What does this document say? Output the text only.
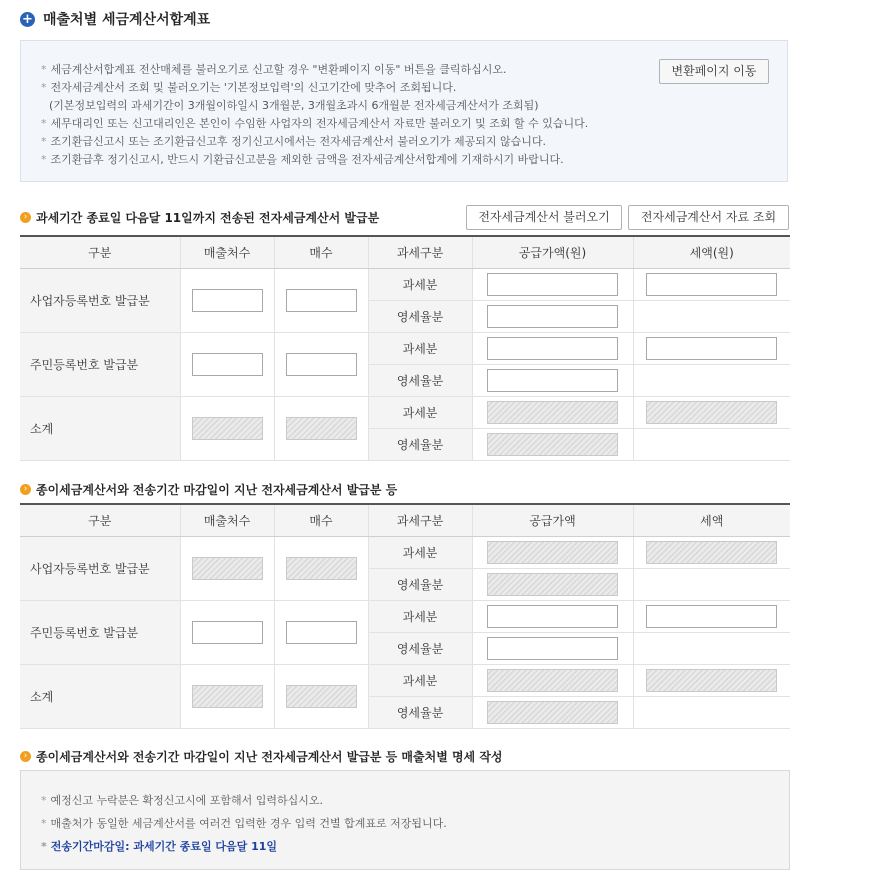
+ 매출처별 세금계산서합계표
* 세금계산서합계표 전산매체를 불러오기로 신고할 경우 "변환페이지 이동" 버튼을 클릭하십시오.
* 전자세금계산서 조회 및 불러오기는 '기본정보입력'의 신고기간에 맞추어 조회됩니다.
(기본정보입력의 과세기간이 3개월이하일시 3개월분, 3개월초과시 6개월분 전자세금계산서가 조회됨)
* 세무대리인 또는 신고대리인은 본인이 수임한 사업자의 전자세금계산서 자료만 불러오기 및 조회 할 수 있습니다.
* 조기환급신고시 또는 조기환급신고후 정기신고시에서는 전자세금계산서 불러오기가 제공되지 않습니다.
* 조기환급후 정기신고시, 반드시 기환급신고분을 제외한 금액을 전자세금계산서합계에 기재하시기 바랍니다.
변환페이지 이동
› 과세기간 종료일 다음달 11일까지 전송된 전자세금계산서 발급분	전자세금계산서 불러오기	전자세금계산서 자료 조회
구분	매출처수	매수	과세구분	공급가액(원)	세액(원)
사업자등록번호 발급분			과세분		
			영세율분		
주민등록번호 발급분			과세분		
			영세율분		
소계			과세분		
			영세율분		
› 종이세금계산서와 전송기간 마감일이 지난 전자세금계산서 발급분 등
구분	매출처수	매수	과세구분	공급가액	세액
사업자등록번호 발급분			과세분		
			영세율분		
주민등록번호 발급분			과세분		
			영세율분		
소계			과세분		
			영세율분		
› 종이세금계산서와 전송기간 마감일이 지난 전자세금계산서 발급분 등 매출처별 명세 작성
* 예정신고 누락분은 확정신고시에 포함해서 입력하십시오.
* 매출처가 동일한 세금계산서를 여러건 입력한 경우 입력 건별 합계표로 저장됩니다.
* 전송기간마감일: 과세기간 종료일 다음달 11일
